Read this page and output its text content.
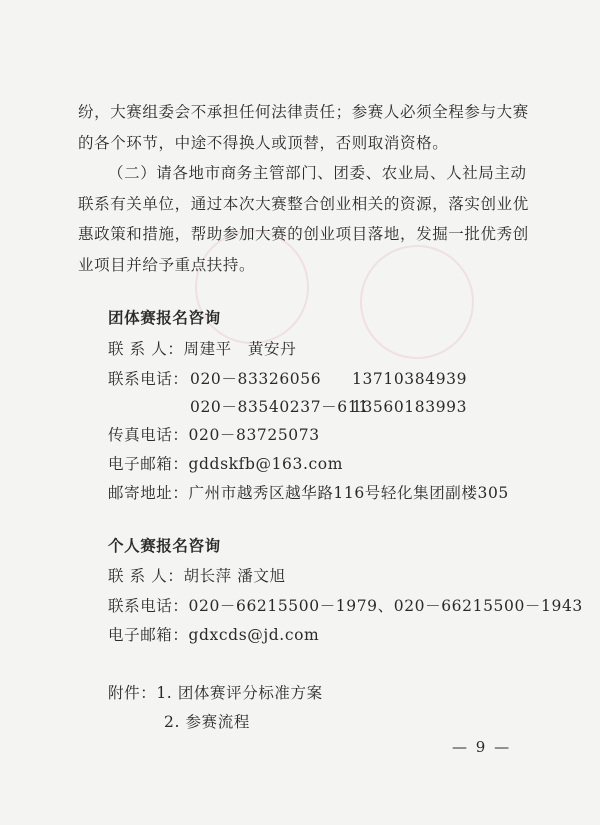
纷，大赛组委会不承担任何法律责任；参赛人必须全程参与大赛
的各个环节，中途不得换人或顶替，否则取消资格。
（二）请各地市商务主管部门、团委、农业局、人社局主动
联系有关单位，通过本次大赛整合创业相关的资源，落实创业优
惠政策和措施，帮助参加大赛的创业项目落地，发掘一批优秀创
业项目并给予重点扶持。
团体赛报名咨询
联 系 人：周建平　黄安丹
联系电话： 020－83326056 13710384939
020－83540237－611
13560183993
传真电话：020－83725073
电子邮箱：gddskfb@163.com
邮寄地址：广州市越秀区越华路116号轻化集团副楼305
个人赛报名咨询
联 系 人：胡长萍 潘文旭
联系电话：020－66215500－1979、020－66215500－1943
电子邮箱：gdxcds@jd.com
附件：1. 团体赛评分标准方案
2. 参赛流程
— 9 —
